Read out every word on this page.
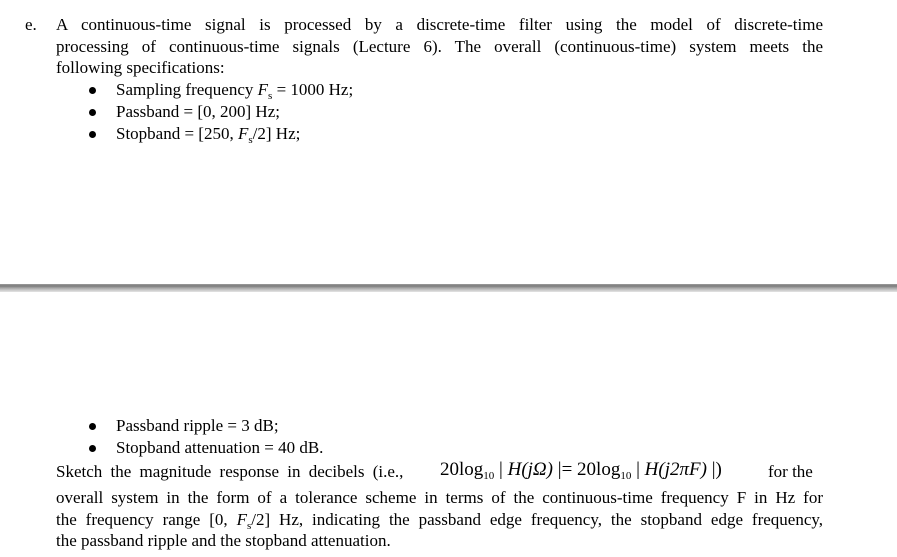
e. A continuous-time signal is processed by a discrete-time filter using the model of discrete-time
processing of continuous-time signals (Lecture 6). The overall (continuous-time) system meets the
following specifications:
Sampling frequency $F_s = 1000$ Hz;
Passband = [0, 200] Hz;
Stopband = [250, $F_s/2$] Hz;
Passband ripple = 3 dB;
Stopband attenuation = 40 dB.
Sketch the magnitude response in decibels (i.e., $20\log_{10}$ | H(jΩ) |= $20\log_{10}$ | H(j2πF) |)	for the
overall system in the form of a tolerance scheme in terms of the continuous-time frequency F in Hz for
the frequency range [0, $F_s/2$] Hz, indicating the passband edge frequency, the stopband edge frequency,
the passband ripple and the stopband attenuation.
